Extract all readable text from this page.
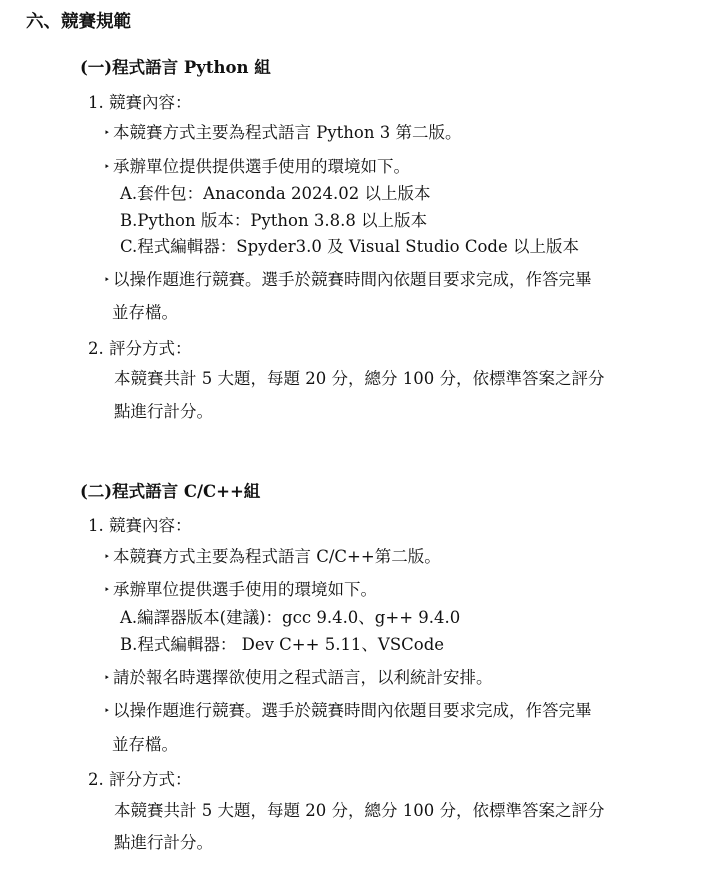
六、競賽規範
(一)程式語言 Python 組
1. 競賽內容：
‣ 本競賽方式主要為程式語言 Python 3 第二版。
‣ 承辦單位提供提供選手使用的環境如下。
A.套件包：Anaconda 2024.02 以上版本
B.Python 版本：Python 3.8.8 以上版本
C.程式編輯器：Spyder3.0 及 Visual Studio Code 以上版本
‣ 以操作題進行競賽。選手於競賽時間內依題目要求完成，作答完畢
並存檔。
2. 評分方式：
本競賽共計 5 大題，每題 20 分，總分 100 分，依標準答案之評分
點進行計分。
(二)程式語言 C/C++組
1. 競賽內容：
‣ 本競賽方式主要為程式語言 C/C++第二版。
‣ 承辦單位提供選手使用的環境如下。
A.編譯器版本(建議)：gcc 9.4.0、g++ 9.4.0
B.程式編輯器： Dev C++ 5.11、VSCode
‣ 請於報名時選擇欲使用之程式語言，以利統計安排。
‣ 以操作題進行競賽。選手於競賽時間內依題目要求完成，作答完畢
並存檔。
2. 評分方式：
本競賽共計 5 大題，每題 20 分，總分 100 分，依標準答案之評分
點進行計分。
